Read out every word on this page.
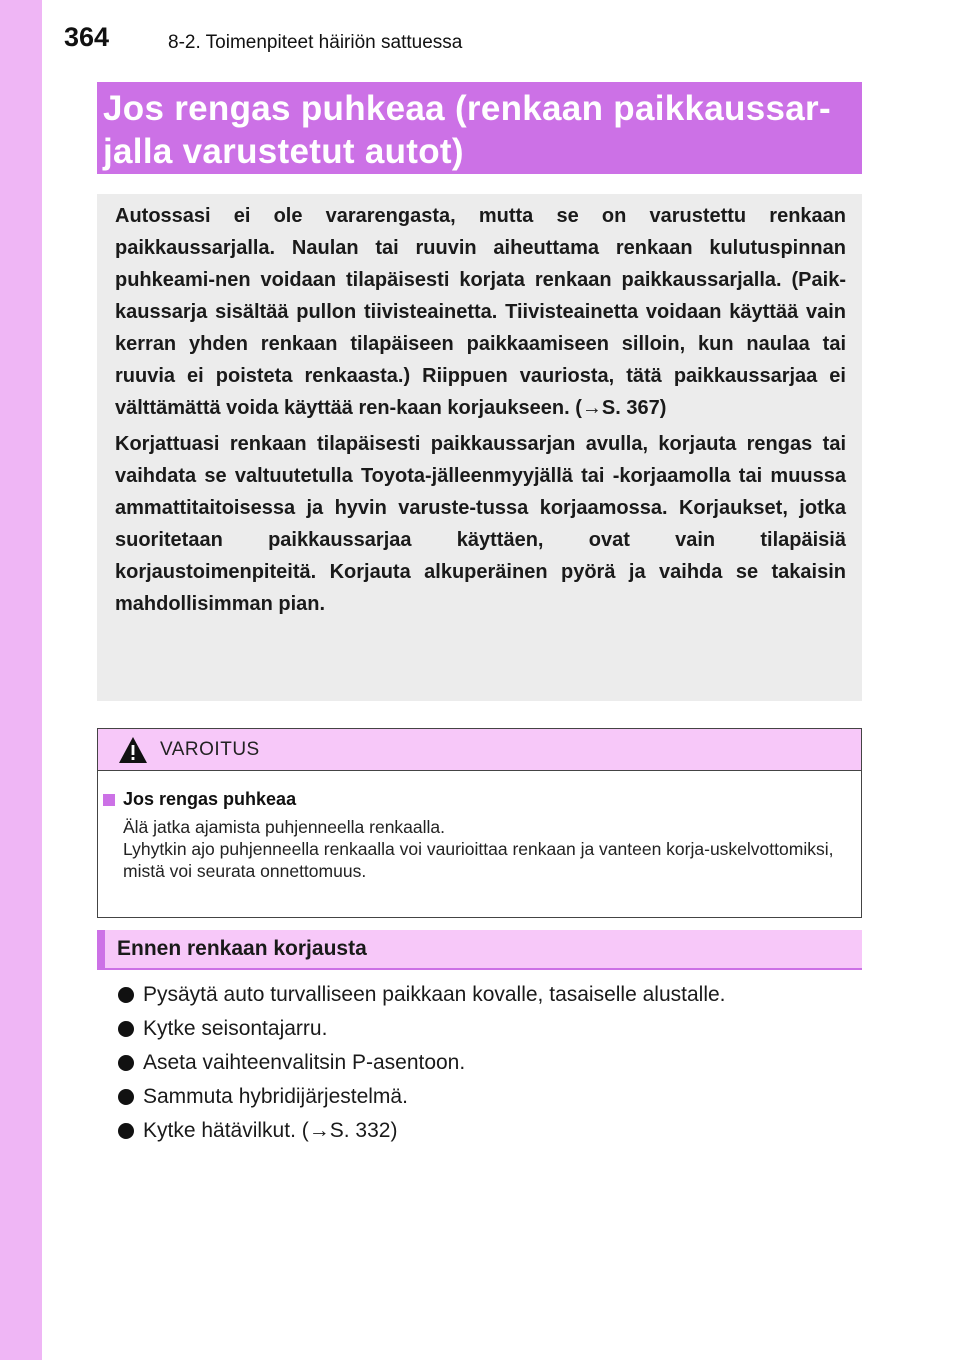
364	8-2. Toimenpiteet häiriön sattuessa
Jos rengas puhkeaa (renkaan paikkaussar-
jalla varustetut autot)

Autossasi ei ole vararengasta, mutta se on varustettu renkaan paikkaussarjalla. Naulan tai ruuvin aiheuttama renkaan kulutuspinnan puhkeami-nen voidaan tilapäisesti korjata renkaan paikkaussarjalla. (Paik-kaussarja sisältää pullon tiivisteainetta. Tiivisteainetta voidaan käyttää vain kerran yhden renkaan tilapäiseen paikkaamiseen silloin, kun naulaa tai ruuvia ei poisteta renkaasta.) Riippuen vauriosta, tätä paikkaussarjaa ei välttämättä voida käyttää ren-kaan korjaukseen. (→S. 367)

Korjattuasi renkaan tilapäisesti paikkaussarjan avulla, korjauta rengas tai vaihdata se valtuutetulla Toyota-jälleenmyyjällä tai -korjaamolla tai muussa ammattitaitoisessa ja hyvin varuste-tussa korjaamossa. Korjaukset, jotka suoritetaan paikkaussarjaa käyttäen, ovat vain tilapäisiä korjaustoimenpiteitä. Korjauta alkuperäinen pyörä ja vaihda se takaisin mahdollisimman pian.

VAROITUS
Jos rengas puhkeaa
Älä jatka ajamista puhjenneella renkaalla.
Lyhytkin ajo puhjenneella renkaalla voi vaurioittaa renkaan ja vanteen korja-uskelvottomiksi, mistä voi seurata onnettomuus.
Ennen renkaan korjausta
Pysäytä auto turvalliseen paikkaan kovalle, tasaiselle alustalle.
Kytke seisontajarru.
Aseta vaihteenvalitsin P-asentoon.
Sammuta hybridijärjestelmä.
Kytke hätävilkut. (→S. 332)
